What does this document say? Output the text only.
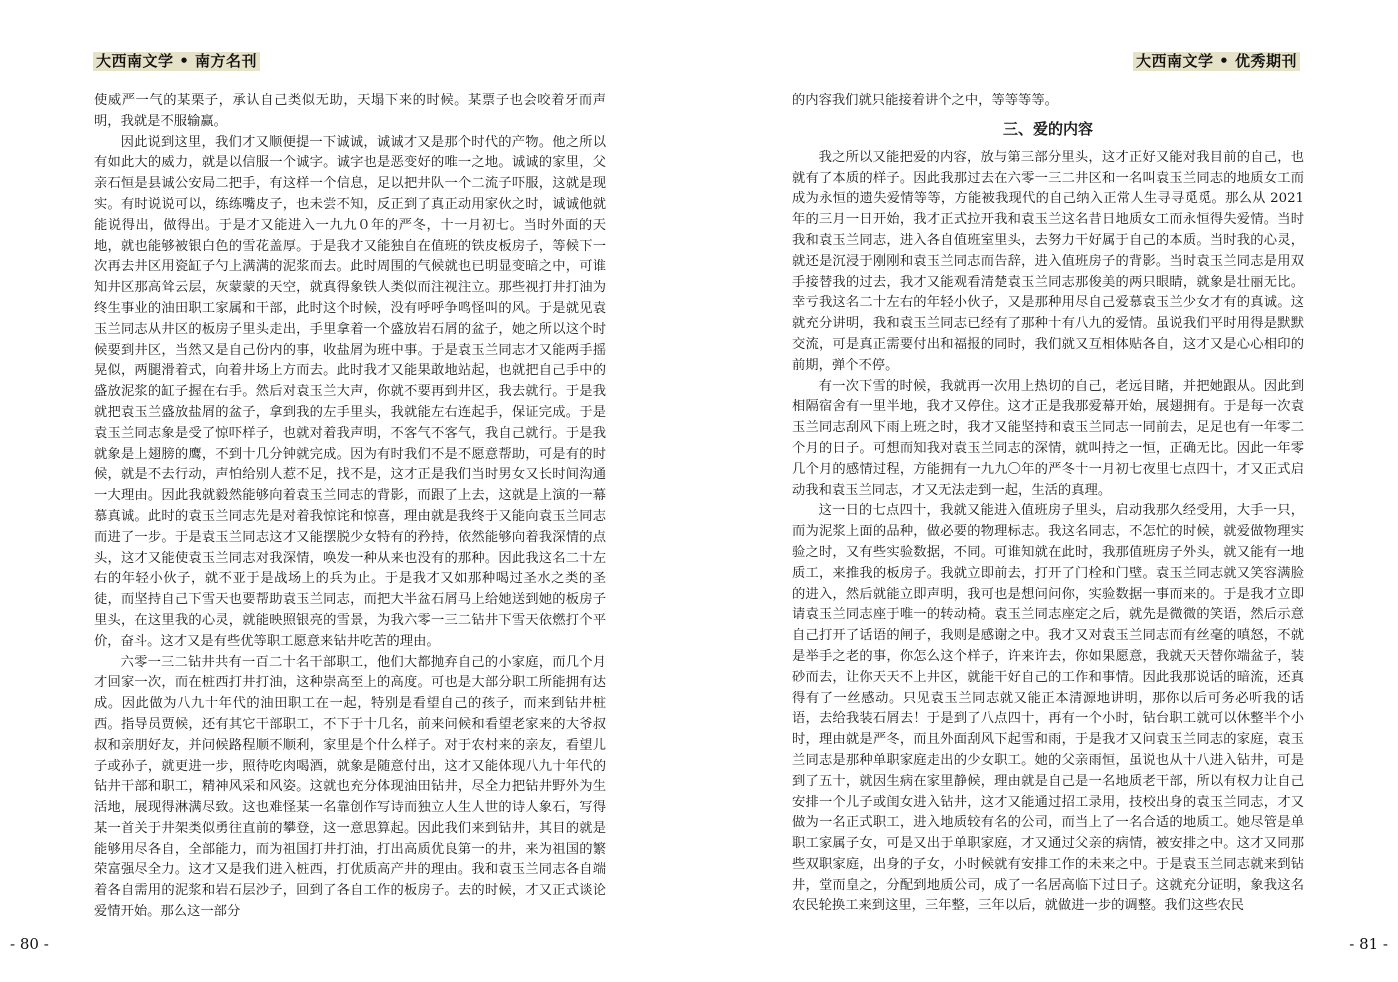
大西南文学 • 南方名刊

使威严一气的某栗子，承认自己类似无助，天塌下来的时候。某票子也会咬着牙而声明，我就是不服输赢。

因此说到这里，我们才又顺便提一下诚诚，诚诚才又是那个时代的产物。他之所以有如此大的威力，就是以信服一个诚字。诚字也是恶变好的唯一之地。诚诚的家里，父亲石恒是县诚公安局二把手，有这样一个信息，足以把井队一个二流子吓服，这就是现实。有时说说可以，练练嘴皮子，也未尝不知，反正到了真正动用家伙之时，诚诚他就能说得出，做得出。于是才又能进入一九九０年的严冬，十一月初七。当时外面的天地，就也能够被银白色的雪花盖厚。于是我才又能独自在值班的铁皮板房子，等候下一次再去井区用瓷缸子勺上满满的泥浆而去。此时周围的气候就也已明显变暗之中，可谁知井区那高耸云层，灰蒙蒙的天空，就真得象铁人类似而注视注立。那些视打井打油为终生事业的油田职工家属和干部，此时这个时候，没有呼呼争鸣怪叫的风。于是就见袁玉兰同志从井区的板房子里头走出，手里拿着一个盛放岩石屑的盆子，她之所以这个时候要到井区，当然又是自己份内的事，收盐屑为班中事。于是袁玉兰同志才又能两手摇晃似，两腿滑着式，向着井场上方而去。此时我才又能果敢地站起，也就把自己手中的盛放泥浆的缸子握在右手。然后对袁玉兰大声，你就不要再到井区，我去就行。于是我就把袁玉兰盛放盐屑的盆子，拿到我的左手里头，我就能左右连起手，保证完成。于是袁玉兰同志象是受了惊吓样子，也就对着我声明，不客气不客气，我自己就行。于是我就象是上翅膀的鹰，不到十几分钟就完成。因为有时我们不是不愿意帮助，可是有的时候，就是不去行动，声怕给别人惹不足，找不是，这才正是我们当时男女又长时间沟通一大理由。因此我就毅然能够向着袁玉兰同志的背影，而跟了上去，这就是上演的一幕慕真诚。此时的袁玉兰同志先是对着我惊诧和惊喜，理由就是我终于又能向袁玉兰同志而进了一步。于是袁玉兰同志这才又能摆脱少女特有的矜持，依然能够向着我深情的点头，这才又能使袁玉兰同志对我深情，唤发一种从来也没有的那种。因此我这名二十左右的年轻小伙子，就不亚于是战场上的兵为止。于是我才又如那种喝过圣水之类的圣徒，而坚持自己下雪天也要帮助袁玉兰同志，而把大半盆石屑马上给她送到她的板房子里头，在这里我的心灵，就能映照银亮的雪景，为我六零一三二钻井下雪天依燃打个平价，奋斗。这才又是有些优等职工愿意来钻井吃苦的理由。

六零一三二钻井共有一百二十名干部职工，他们大都抛弃自己的小家庭，而几个月才回家一次，而在桩西打井打油，这种崇高至上的高度。可也是大部分职工所能拥有达成。因此做为八九十年代的油田职工在一起，特别是看望自己的孩子，而来到钻井桩西。指导员贾候，还有其它干部职工，不下于十几名，前来问候和看望老家来的大爷叔叔和亲朋好友，并问候路程顺不顺利，家里是个什么样子。对于农村来的亲友，看望儿子或孙子，就更进一步，照待吃肉喝酒，就象是随意付出，这才又能体现八九十年代的钻井干部和职工，精神风采和风姿。这就也充分体现油田钻井，尽全力把钻井野外为生活地，展现得淋满尽致。这也难怪某一名靠创作写诗而独立人生人世的诗人象石，写得某一首关于井架类似勇往直前的攀登，这一意思算起。因此我们来到钻井，其目的就是能够用尽各自，全部能力，而为祖国打井打油，打出高质优良第一的井，来为祖国的繁荣富强尽全力。这才又是我们进入桩西，打优质高产井的理由。我和袁玉兰同志各自端着各自需用的泥浆和岩石层沙子，回到了各自工作的板房子。去的时候，才又正式谈论爱情开始。那么这一部分

- 80 -
大西南文学 • 优秀期刊

的内容我们就只能接着讲个之中，等等等等。

三、爱的内容

我之所以又能把爱的内容，放与第三部分里头，这才正好又能对我目前的自己，也就有了本质的样子。因此我那过去在六零一三二井区和一名叫袁玉兰同志的地质女工而成为永恒的遗失爱情等等，方能被我现代的自己纳入正常人生寻寻觅觅。那么从 2021 年的三月一日开始，我才正式拉开我和袁玉兰这名昔日地质女工而永恒得失爱情。当时我和袁玉兰同志，进入各自值班室里头，去努力干好属于自己的本质。当时我的心灵，就还是沉浸于刚刚和袁玉兰同志而告辞，进入值班房子的背影。当时袁玉兰同志是用双手接替我的过去，我才又能观看清楚袁玉兰同志那俊美的两只眼睛，就象是壮丽无比。幸亏我这名二十左右的年轻小伙子，又是那种用尽自己爱慕袁玉兰少女才有的真诚。这就充分讲明，我和袁玉兰同志已经有了那种十有八九的爱情。虽说我们平时用得是默默交流，可是真正需要付出和福报的同时，我们就又互相体贴各自，这才又是心心相印的前期，弹个不停。

有一次下雪的时候，我就再一次用上热切的自己，老远目睹，并把她跟从。因此到相隔宿舍有一里半地，我才又停住。这才正是我那爱幕开始，展翅拥有。于是每一次袁玉兰同志刮风下雨上班之时，我才又能坚持和袁玉兰同志一同前去，足足也有一年零二个月的日子。可想而知我对袁玉兰同志的深情，就叫持之一恒，正确无比。因此一年零几个月的感情过程，方能拥有一九九〇年的严冬十一月初七夜里七点四十，才又正式启动我和袁玉兰同志，才又无法走到一起，生活的真理。

这一日的七点四十，我就又能进入值班房子里头，启动我那久经受用，大手一只，而为泥浆上面的品种，做必要的物理标志。我这名同志，不怎忙的时候，就爱做物理实验之时，又有些实验数据，不同。可谁知就在此时，我那值班房子外头，就又能有一地质工，来推我的板房子。我就立即前去，打开了门栓和门壁。袁玉兰同志就又笑容满脸的进入，然后就能立即声明，我可也是想问问你，实验数据一事而来的。于是我才立即请袁玉兰同志座于唯一的转动椅。袁玉兰同志座定之后，就先是微微的笑语，然后示意自己打开了话语的闸子，我则是感谢之中。我才又对袁玉兰同志而有丝毫的嗔怒，不就是举手之老的事，你怎么这个样子，许来许去，你如果愿意，我就天天替你端盆子，装砂而去，让你天天不上井区，就能干好自己的工作和事情。因此我那说话的暗流，还真得有了一丝感动。只见袁玉兰同志就又能正本清源地讲明，那你以后可务必听我的话语，去给我装石屑去！于是到了八点四十，再有一个小时，钻台职工就可以休整半个小时，理由就是严冬，而且外面刮风下起雪和雨，于是我才又问袁玉兰同志的家庭，袁玉兰同志是那种单职家庭走出的少女职工。她的父亲雨恒，虽说也从十八进入钻井，可是到了五十，就因生病在家里静候，理由就是自己是一名地质老干部，所以有权力让自己安排一个儿子或闺女进入钻井，这才又能通过招工录用，技校出身的袁玉兰同志，才又做为一名正式职工，进入地质较有名的公司，而当上了一名合适的地质工。她尽管是单职工家属子女，可是又出于单职家庭，才又通过父亲的病情，被安排之中。这才又同那些双职家庭，出身的子女，小时候就有安排工作的未来之中。于是袁玉兰同志就来到钻井，堂而皇之，分配到地质公司，成了一名居高临下过日子。这就充分证明，象我这名农民轮换工来到这里，三年整，三年以后，就做进一步的调整。我们这些农民

- 81 -
